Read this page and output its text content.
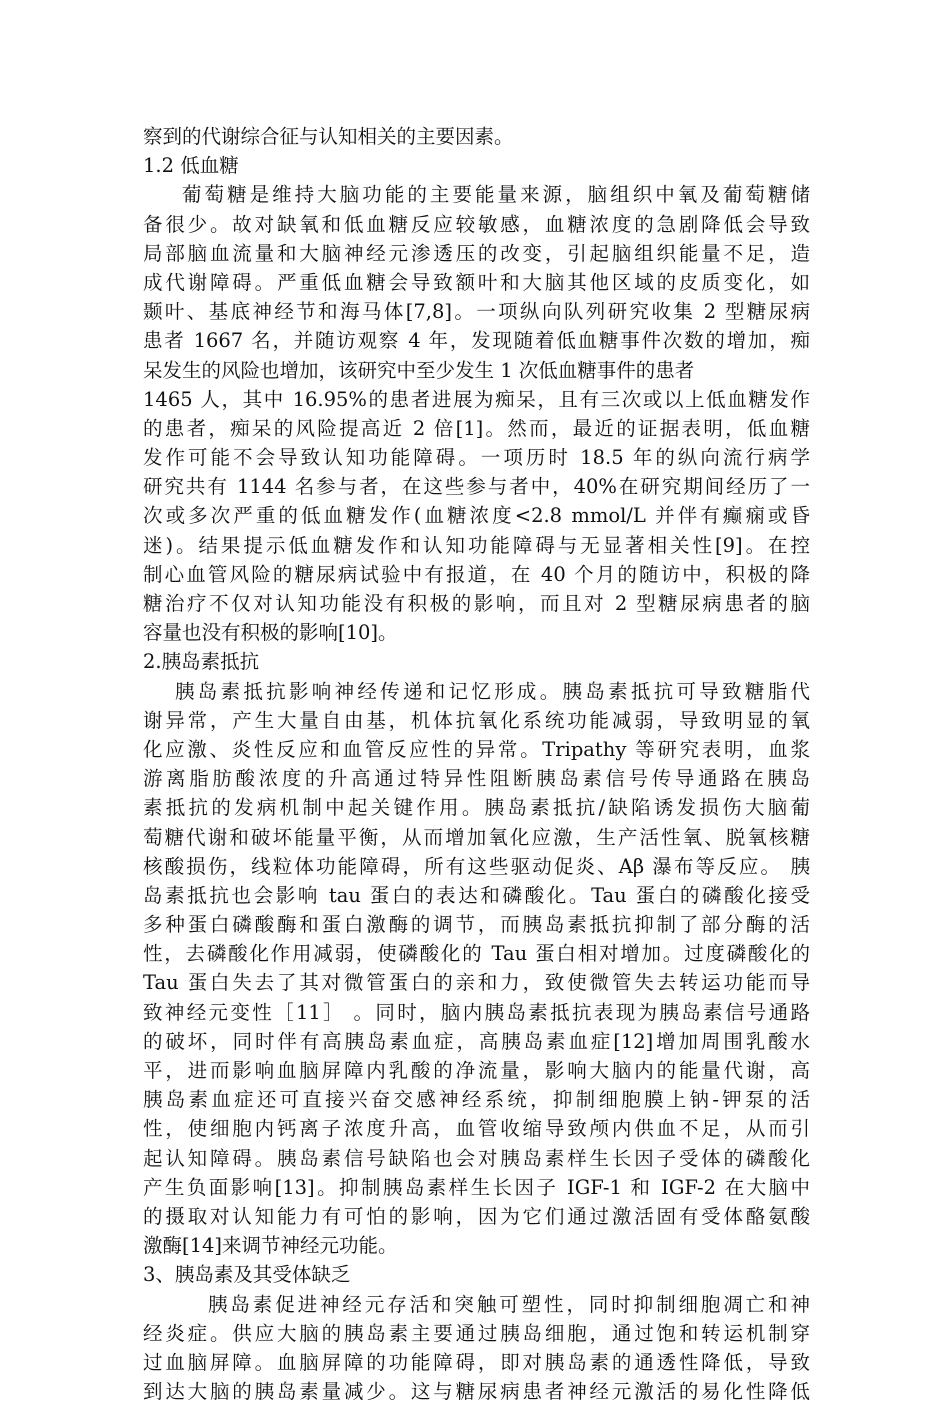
察到的代谢综合征与认知相关的主要因素。
1.2 低血糖
葡萄糖是维持大脑功能的主要能量来源，脑组织中氧及葡萄糖储
备很少。故对缺氧和低血糖反应较敏感，血糖浓度的急剧降低会导致
局部脑血流量和大脑神经元渗透压的改变，引起脑组织能量不足，造
成代谢障碍。严重低血糖会导致额叶和大脑其他区域的皮质变化，如
颞叶、基底神经节和海马体[7,8]。一项纵向队列研究收集 2 型糖尿病
患者 1667 名，并随访观察 4 年，发现随着低血糖事件次数的增加，痴
呆发生的风险也增加，该研究中至少发生 1 次低血糖事件的患者
1465 人，其中 16.95%的患者进展为痴呆，且有三次或以上低血糖发作
的患者，痴呆的风险提高近 2 倍[1]。然而，最近的证据表明，低血糖
发作可能不会导致认知功能障碍。一项历时 18.5 年的纵向流行病学
研究共有 1144 名参与者，在这些参与者中，40%在研究期间经历了一
次或多次严重的低血糖发作(血糖浓度<2.8 mmol/L 并伴有癫痫或昏
迷)。结果提示低血糖发作和认知功能障碍与无显著相关性[9]。在控
制心血管风险的糖尿病试验中有报道，在 40 个月的随访中，积极的降
糖治疗不仅对认知功能没有积极的影响，而且对 2 型糖尿病患者的脑
容量也没有积极的影响[10]。
2.胰岛素抵抗
胰岛素抵抗影响神经传递和记忆形成。胰岛素抵抗可导致糖脂代
谢异常，产生大量自由基，机体抗氧化系统功能减弱，导致明显的氧
化应激、炎性反应和血管反应性的异常。Tripathy 等研究表明，血浆
游离脂肪酸浓度的升高通过特异性阻断胰岛素信号传导通路在胰岛
素抵抗的发病机制中起关键作用。胰岛素抵抗/缺陷诱发损伤大脑葡
萄糖代谢和破坏能量平衡，从而增加氧化应激，生产活性氧、脱氧核糖
核酸损伤，线粒体功能障碍，所有这些驱动促炎、Aβ 瀑布等反应。 胰
岛素抵抗也会影响 tau 蛋白的表达和磷酸化。Tau 蛋白的磷酸化接受
多种蛋白磷酸酶和蛋白激酶的调节，而胰岛素抵抗抑制了部分酶的活
性，去磷酸化作用减弱，使磷酸化的 Tau 蛋白相对增加。过度磷酸化的
Tau 蛋白失去了其对微管蛋白的亲和力，致使微管失去转运功能而导
致神经元变性［11］ 。同时，脑内胰岛素抵抗表现为胰岛素信号通路
的破坏，同时伴有高胰岛素血症，高胰岛素血症[12]增加周围乳酸水
平，进而影响血脑屏障内乳酸的净流量，影响大脑内的能量代谢，高
胰岛素血症还可直接兴奋交感神经系统，抑制细胞膜上钠-钾泵的活
性，使细胞内钙离子浓度升高，血管收缩导致颅内供血不足，从而引
起认知障碍。胰岛素信号缺陷也会对胰岛素样生长因子受体的磷酸化
产生负面影响[13]。抑制胰岛素样生长因子 IGF-1 和 IGF-2 在大脑中
的摄取对认知能力有可怕的影响，因为它们通过激活固有受体酪氨酸
激酶[14]来调节神经元功能。
3、胰岛素及其受体缺乏
胰岛素促进神经元存活和突触可塑性，同时抑制细胞凋亡和神
经炎症。供应大脑的胰岛素主要通过胰岛细胞，通过饱和转运机制穿
过血脑屏障。血脑屏障的功能障碍，即对胰岛素的通透性降低，导致
到达大脑的胰岛素量减少。这与糖尿病患者神经元激活的易化性降低
